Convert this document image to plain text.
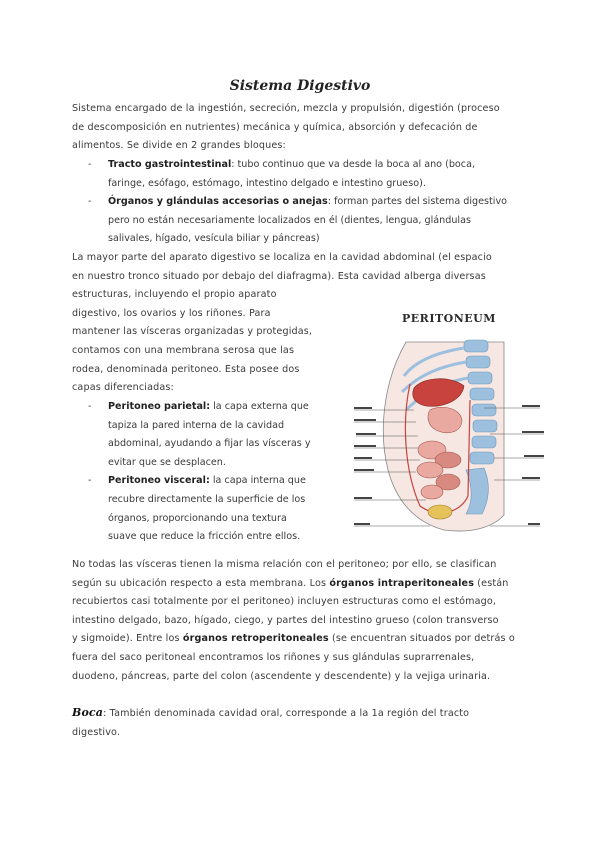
Sistema Digestivo
Sistema encargado de la ingestión, secreción, mezcla y propulsión, digestión (proceso
de descomposición en nutrientes) mecánica y química, absorción y defecación de
alimentos. Se divide en 2 grandes bloques:
- Tracto gastrointestinal: tubo continuo que va desde la boca al ano (boca,
faringe, esófago, estómago, intestino delgado e intestino grueso).
- Órganos y glándulas accesorias o anejas: forman partes del sistema digestivo
pero no están necesariamente localizados en él (dientes, lengua, glándulas
salivales, hígado, vesícula biliar y páncreas)
La mayor parte del aparato digestivo se localiza en la cavidad abdominal (el espacio
en nuestro tronco situado por debajo del diafragma). Esta cavidad alberga diversas
estructuras, incluyendo el propio aparato
digestivo, los ovarios y los riñones. Para
mantener las vísceras organizadas y protegidas,
contamos con una membrana serosa que las
rodea, denominada peritoneo. Esta posee dos
capas diferenciadas:
- Peritoneo parietal: la capa externa que
tapiza la pared interna de la cavidad
abdominal, ayudando a fijar las vísceras y
evitar que se desplacen.
- Peritoneo visceral: la capa interna que
recubre directamente la superficie de los
órganos, proporcionando una textura
suave que reduce la fricción entre ellos.
PERITONEUM
No todas las vísceras tienen la misma relación con el peritoneo; por ello, se clasifican
según su ubicación respecto a esta membrana. Los órganos intraperitoneales (están
recubiertos casi totalmente por el peritoneo) incluyen estructuras como el estómago,
intestino delgado, bazo, hígado, ciego, y partes del intestino grueso (colon transverso
y sigmoide). Entre los órganos retroperitoneales (se encuentran situados por detrás o
fuera del saco peritoneal encontramos los riñones y sus glándulas suprarrenales,
duodeno, páncreas, parte del colon (ascendente y descendente) y la vejiga urinaria.
Boca: También denominada cavidad oral, corresponde a la 1a región del tracto
digestivo.
